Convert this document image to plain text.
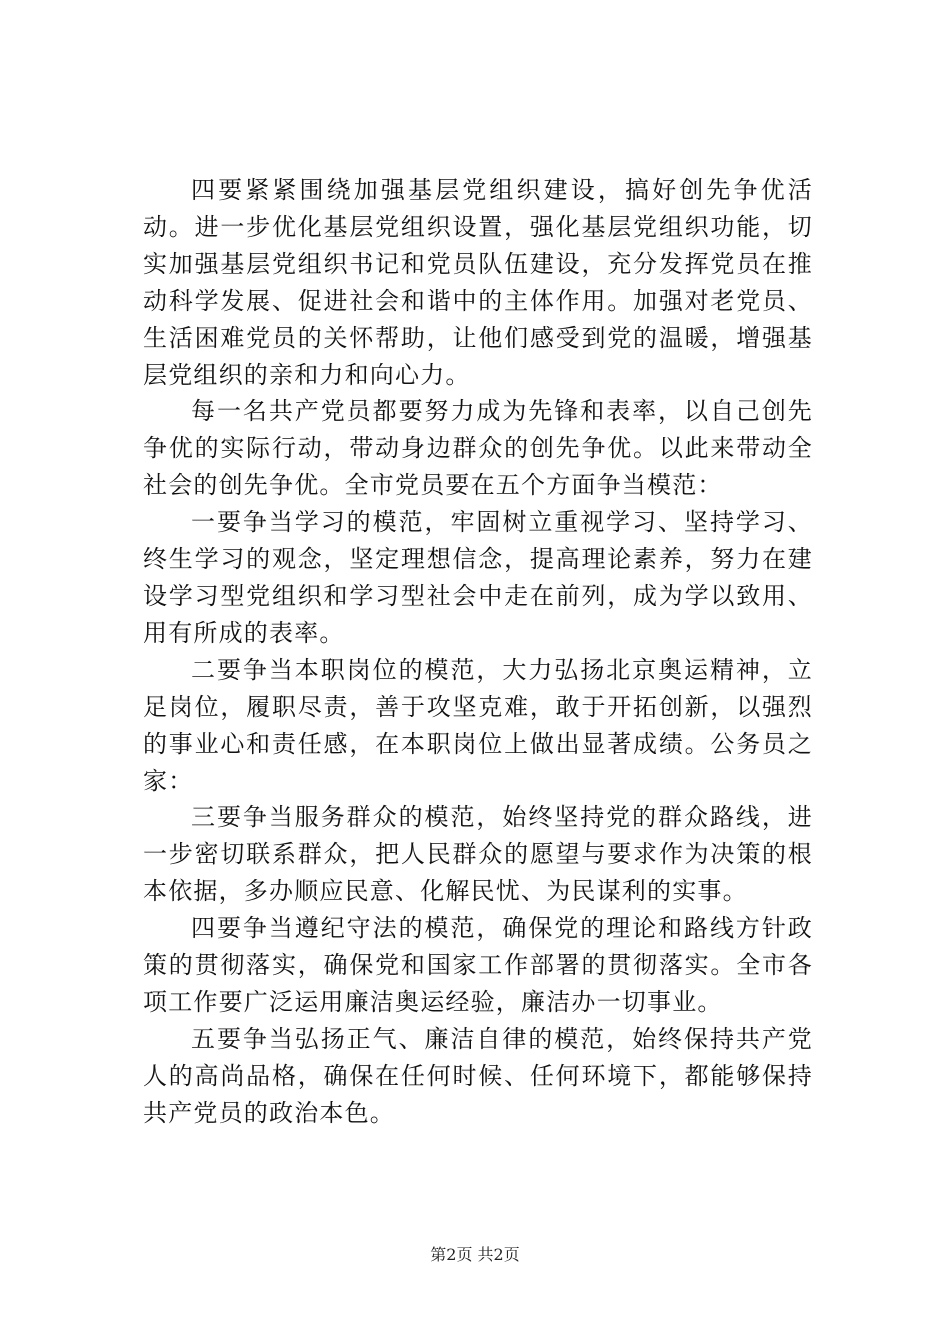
四要紧紧围绕加强基层党组织建设，搞好创先争优活动。进一步优化基层党组织设置，强化基层党组织功能，切实加强基层党组织书记和党员队伍建设，充分发挥党员在推动科学发展、促进社会和谐中的主体作用。加强对老党员、生活困难党员的关怀帮助，让他们感受到党的温暖，增强基层党组织的亲和力和向心力。

每一名共产党员都要努力成为先锋和表率，以自己创先争优的实际行动，带动身边群众的创先争优。以此来带动全社会的创先争优。全市党员要在五个方面争当模范：

一要争当学习的模范，牢固树立重视学习、坚持学习、终生学习的观念，坚定理想信念，提高理论素养，努力在建设学习型党组织和学习型社会中走在前列，成为学以致用、用有所成的表率。

二要争当本职岗位的模范，大力弘扬北京奥运精神，立足岗位，履职尽责，善于攻坚克难，敢于开拓创新，以强烈的事业心和责任感，在本职岗位上做出显著成绩。公务员之家：

三要争当服务群众的模范，始终坚持党的群众路线，进一步密切联系群众，把人民群众的愿望与要求作为决策的根本依据，多办顺应民意、化解民忧、为民谋利的实事。

四要争当遵纪守法的模范，确保党的理论和路线方针政策的贯彻落实，确保党和国家工作部署的贯彻落实。全市各项工作要广泛运用廉洁奥运经验，廉洁办一切事业。

五要争当弘扬正气、廉洁自律的模范，始终保持共产党人的高尚品格，确保在任何时候、任何环境下，都能够保持共产党员的政治本色。

第2页 共2页
